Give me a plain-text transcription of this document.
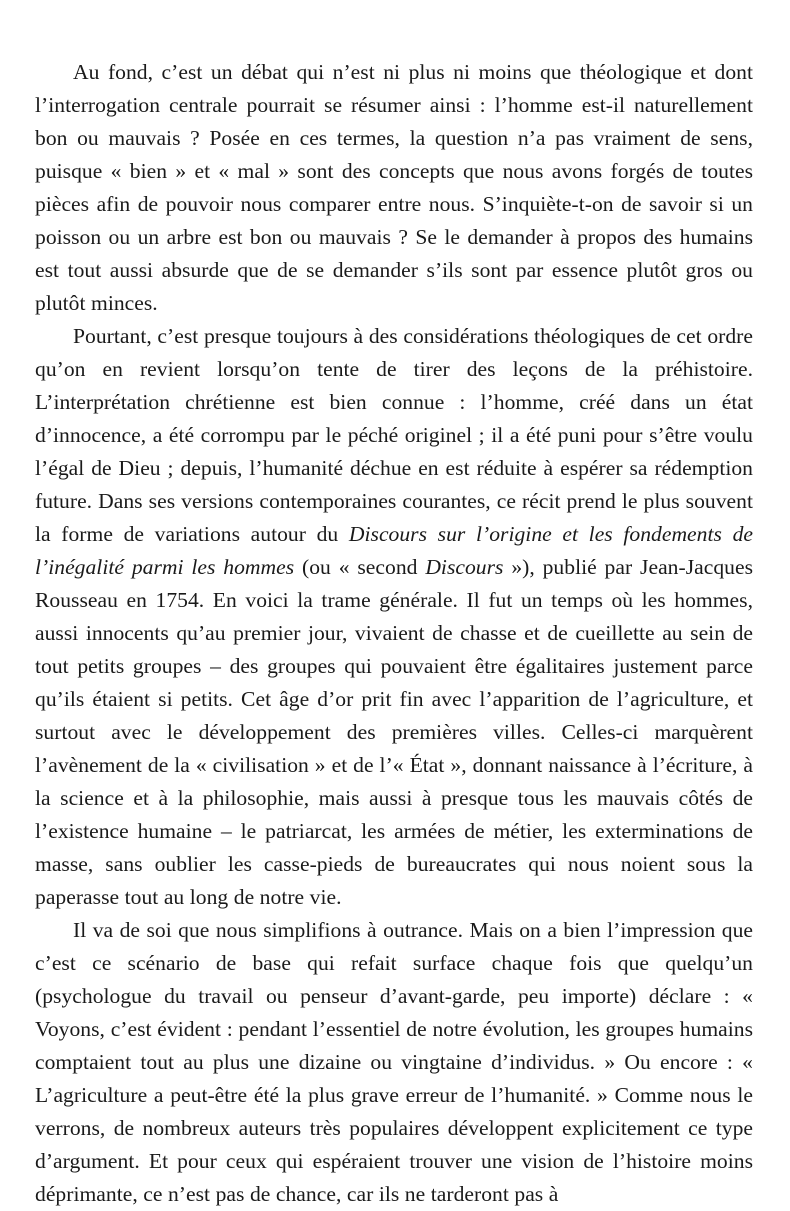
Au fond, c’est un débat qui n’est ni plus ni moins que théologique et dont l’interrogation centrale pourrait se résumer ainsi : l’homme est-il naturellement bon ou mauvais ? Posée en ces termes, la question n’a pas vraiment de sens, puisque « bien » et « mal » sont des concepts que nous avons forgés de toutes pièces afin de pouvoir nous comparer entre nous. S’inquiète-t-on de savoir si un poisson ou un arbre est bon ou mauvais ? Se le demander à propos des humains est tout aussi absurde que de se demander s’ils sont par essence plutôt gros ou plutôt minces.

Pourtant, c’est presque toujours à des considérations théologiques de cet ordre qu’on en revient lorsqu’on tente de tirer des leçons de la préhistoire. L’interprétation chrétienne est bien connue : l’homme, créé dans un état d’innocence, a été corrompu par le péché originel ; il a été puni pour s’être voulu l’égal de Dieu ; depuis, l’humanité déchue en est réduite à espérer sa rédemption future. Dans ses versions contemporaines courantes, ce récit prend le plus souvent la forme de variations autour du Discours sur l’origine et les fondements de l’inégalité parmi les hommes (ou « second Discours »), publié par Jean-Jacques Rousseau en 1754. En voici la trame générale. Il fut un temps où les hommes, aussi innocents qu’au premier jour, vivaient de chasse et de cueillette au sein de tout petits groupes – des groupes qui pouvaient être égalitaires justement parce qu’ils étaient si petits. Cet âge d’or prit fin avec l’apparition de l’agriculture, et surtout avec le développement des premières villes. Celles-ci marquèrent l’avènement de la « civilisation » et de l’« État », donnant naissance à l’écriture, à la science et à la philosophie, mais aussi à presque tous les mauvais côtés de l’existence humaine – le patriarcat, les armées de métier, les exterminations de masse, sans oublier les casse-pieds de bureaucrates qui nous noient sous la paperasse tout au long de notre vie.

Il va de soi que nous simplifions à outrance. Mais on a bien l’impression que c’est ce scénario de base qui refait surface chaque fois que quelqu’un (psychologue du travail ou penseur d’avant-garde, peu importe) déclare : « Voyons, c’est évident : pendant l’essentiel de notre évolution, les groupes humains comptaient tout au plus une dizaine ou vingtaine d’individus. » Ou encore : « L’agriculture a peut-être été la plus grave erreur de l’humanité. » Comme nous le verrons, de nombreux auteurs très populaires développent explicitement ce type d’argument. Et pour ceux qui espéraient trouver une vision de l’histoire moins déprimante, ce n’est pas de chance, car ils ne tarderont pas à
